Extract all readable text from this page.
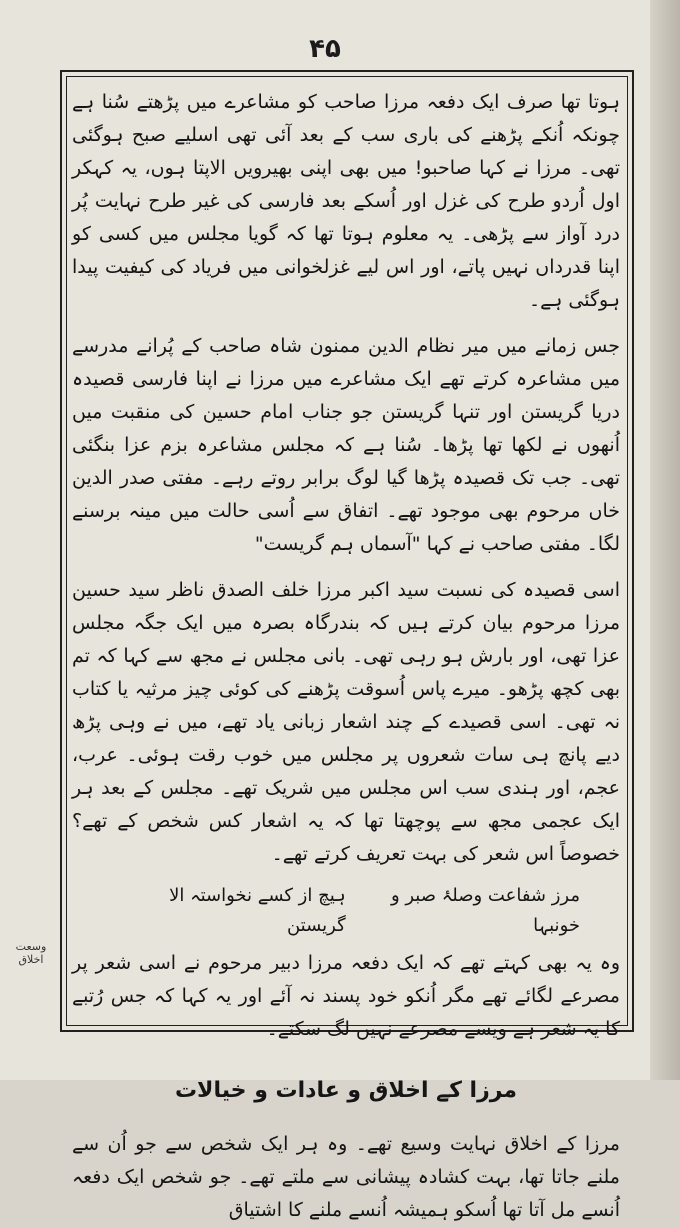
۴۵

ہوتا تھا صرف ایک دفعہ مرزا صاحب کو مشاعرے میں پڑھتے سُنا ہے چونکہ اُنکے پڑھنے کی باری سب کے بعد آئی تھی اسلیے صبح ہوگئی تھی۔ مرزا نے کہا صاحبو! میں بھی اپنی بھیرویں الاپتا ہوں، یہ کہکر اول اُردو طرح کی غزل اور اُسکے بعد فارسی کی غیر طرح نہایت پُر درد آواز سے پڑھی۔ یہ معلوم ہوتا تھا کہ گویا مجلس میں کسی کو اپنا قدرداں نہیں پاتے، اور اس لیے غزلخوانی میں فریاد کی کیفیت پیدا ہوگئی ہے۔

جس زمانے میں میر نظام الدین ممنون شاہ صاحب کے پُرانے مدرسے میں مشاعرہ کرتے تھے ایک مشاعرے میں مرزا نے اپنا فارسی قصیدہ دریا گریستن اور تنہا گریستن جو جناب امام حسین کی منقبت میں اُنھوں نے لکھا تھا پڑھا۔ سُنا ہے کہ مجلس مشاعرہ بزم عزا بنگئی تھی۔ جب تک قصیدہ پڑھا گیا لوگ برابر روتے رہے۔ مفتی صدر الدین خاں مرحوم بھی موجود تھے۔ اتفاق سے اُسی حالت میں مینہ برسنے لگا۔ مفتی صاحب نے کہا "آسماں ہم گریست"

اسی قصیدہ کی نسبت سید اکبر مرزا خلف الصدق ناظر سید حسین مرزا مرحوم بیان کرتے ہیں کہ بندرگاہ بصرہ میں ایک جگہ مجلس عزا تھی، اور بارش ہو رہی تھی۔ بانی مجلس نے مجھ سے کہا کہ تم بھی کچھ پڑھو۔ میرے پاس اُسوقت پڑھنے کی کوئی چیز مرثیہ یا کتاب نہ تھی۔ اسی قصیدے کے چند اشعار زبانی یاد تھے، میں نے وہی پڑھ دیے پانچ ہی سات شعروں پر مجلس میں خوب رقت ہوئی۔ عرب، عجم، اور ہندی سب اس مجلس میں شریک تھے۔ مجلس کے بعد ہر ایک عجمی مجھ سے پوچھتا تھا کہ یہ اشعار کس شخص کے تھے؟ خصوصاً اس شعر کی بہت تعریف کرتے تھے۔

مرز شفاعت وصلۂ صبر و خونبہا
ہیچ از کسے نخواستہ الا گریستن

وہ یہ بھی کہتے تھے کہ ایک دفعہ مرزا دبیر مرحوم نے اسی شعر پر مصرعے لگائے تھے مگر اُنکو خود پسند نہ آئے اور یہ کہا کہ جس رُتبے کا یہ شعر ہے ویسے مصرعے نہیں لگ سکتے۔

مرزا کے اخلاق و عادات و خیالات

مرزا کے اخلاق نہایت وسیع تھے۔ وہ ہر ایک شخص سے جو اُن سے ملنے جاتا تھا، بہت کشادہ پیشانی سے ملتے تھے۔ جو شخص ایک دفعہ اُنسے مل آتا تھا اُسکو ہمیشہ اُنسے ملنے کا اشتیاق

وسعت اخلاق
